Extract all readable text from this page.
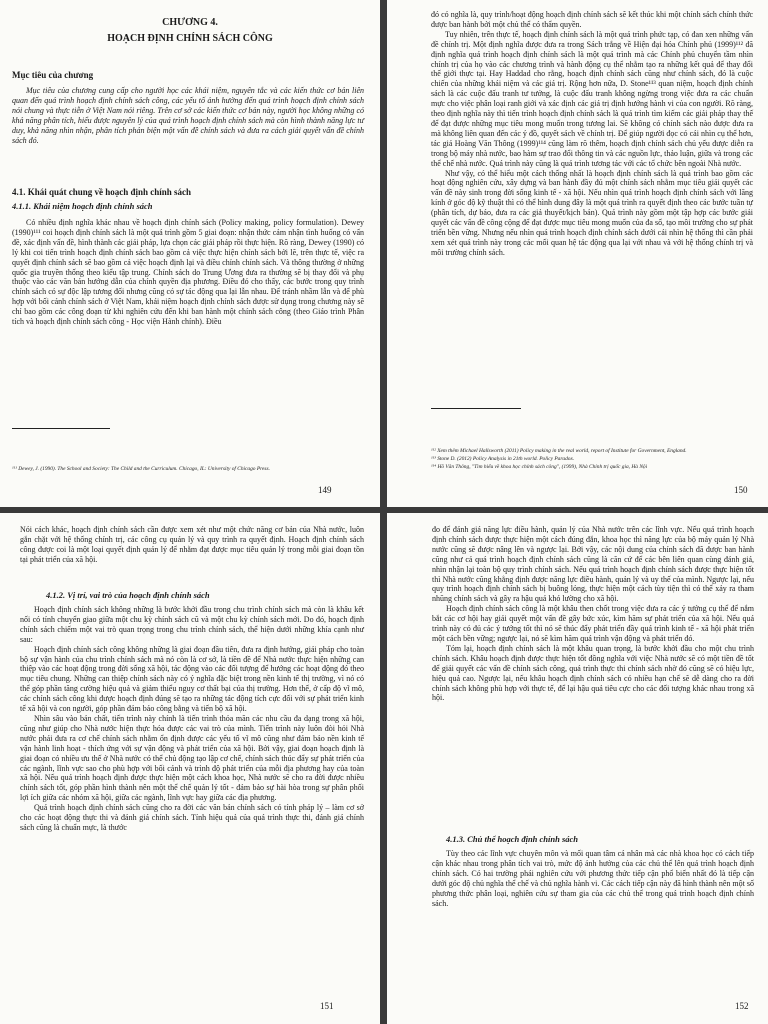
CHƯƠNG 4.
HOẠCH ĐỊNH CHÍNH SÁCH CÔNG
Mục tiêu của chương

Mục tiêu của chương cung cấp cho người học các khái niệm, nguyên tắc và các kiến thức cơ bản liên quan đến quá trình hoạch định chính sách công, các yếu tố ảnh hưởng đến quá trình hoạch định chính sách nói chung và thực tiễn ở Việt Nam nói riêng. Trên cơ sở các kiến thức cơ bản này, người học không những có khả năng phân tích, hiểu được nguyên lý của quá trình hoạch định chính sách mà còn hình thành năng lực tư duy, khả năng nhìn nhận, phân tích phản biện một vấn đề chính sách và đưa ra cách giải quyết vấn đề chính sách đó.

4.1. Khái quát chung về hoạch định chính sách
4.1.1. Khái niệm hoạch định chính sách

Có nhiều định nghĩa khác nhau về hoạch định chính sách (Policy making, policy formulation). Dewey (1990)¹¹¹ coi hoạch định chính sách là một quá trình gồm 5 giai đoạn: nhận thức cảm nhận tình huống có vấn đề, xác định vấn đề, hình thành các giải pháp, lựa chọn các giải pháp rồi thực hiện. Rõ ràng, Dewey (1990) có lý khi coi tiến trình hoạch định chính sách bao gồm cả việc thực hiện chính sách bởi lẽ, trên thực tế, việc ra quyết định chính sách sẽ bao gồm cả việc hoạch định lại và điều chỉnh chính sách. Và thông thường ở những quốc gia truyền thống theo kiểu tập trung. Chính sách do Trung Ương đưa ra thường sẽ bị thay đổi và phụ thuộc vào các văn bản hướng dẫn của chính quyền địa phương. Điều đó cho thấy, các bước trong quy trình chính sách có sự độc lập tương đối nhưng cũng có sự tác động qua lại lẫn nhau. Để tránh nhầm lẫn và để phù hợp với bối cảnh chính sách ở Việt Nam, khái niệm hoạch định chính sách được sử dụng trong chương này sẽ chỉ bao gồm các công đoạn từ khi nghiên cứu đến khi ban hành một chính sách công (theo Giáo trình Phân tích và hoạch định chính sách công - Học viện Hành chính). Điều

¹¹¹ Dewey, J. (1990). The School and Society: The Child and the Curriculum. Chicago, IL: University of Chicago Press.
149

đó có nghĩa là, quy trình/hoạt động hoạch định chính sách sẽ kết thúc khi một chính sách chính thức được ban hành bởi một chủ thể có thẩm quyền.

Tuy nhiên, trên thực tế, hoạch định chính sách là một quá trình phức tạp, có đan xen những vấn đề chính trị. Một định nghĩa được đưa ra trong Sách trắng về Hiện đại hóa Chính phủ (1999)¹¹² đã định nghĩa quá trình hoạch định chính sách là một quá trình mà các Chính phủ chuyển tầm nhìn chính trị của họ vào các chương trình và hành động cụ thể nhằm tạo ra những kết quả để thay đổi thế giới thực tại. Hay Haddad cho rằng, hoạch định chính sách cũng như chính sách, đó là cuộc chiến của những khái niệm và các giá trị. Rộng hơn nữa, D. Stone¹¹³ quan niệm, hoạch định chính sách là các cuộc đấu tranh tư tưởng, là cuộc đấu tranh không ngừng trong việc đưa ra các chuẩn mực cho việc phân loại ranh giới và xác định các giá trị định hướng hành vi của con người. Rõ ràng, theo định nghĩa này thì tiến trình hoạch định chính sách là quá trình tìm kiếm các giải pháp thay thế để đạt được những mục tiêu mong muốn trong tương lai. Sẽ không có chính sách nào được đưa ra mà không liên quan đến các ý đồ, quyết sách về chính trị. Để giúp người đọc có cái nhìn cụ thể hơn, tác giả Hoàng Văn Thông (1999)¹¹⁴ cũng làm rõ thêm, hoạch định chính sách chủ yếu được diễn ra trong bộ máy nhà nước, bao hàm sự trao đổi thông tin và các nguồn lực, thảo luận, giữa và trong các thể chế nhà nước. Quá trình này cũng là quá trình tương tác với các tổ chức bên ngoài Nhà nước.

Như vậy, có thể hiểu một cách thống nhất là hoạch định chính sách là quá trình bao gồm các hoạt động nghiên cứu, xây dựng và ban hành đầy đủ một chính sách nhằm mục tiêu giải quyết các vấn đề này sinh trong đời sống kinh tế - xã hội. Nếu nhìn quá trình hoạch định chính sách với lăng kính ở góc độ kỹ thuật thì có thể hình dung đây là một quá trình ra quyết định theo các bước tuần tự (phân tích, dự báo, đưa ra các giả thuyết/kịch bản). Quá trình này gồm một tập hợp các bước giải quyết các vấn đề công cộng để đạt được mục tiêu mong muốn của đa số, tạo môi trường cho sự phát triển bền vững. Nhưng nếu nhìn quá trình hoạch định chính sách dưới cái nhìn hệ thống thì cần phải xem xét quá trình này trong các mối quan hệ tác động qua lại với nhau và với hệ thống chính trị và môi trường chính sách.

¹¹² Xem thêm Michael Hallsworth (2011) Policy making in the real world, report of Institute for Government, England.
¹¹³ Stone D. (2012) Policy Analysis in 21th world. Policy Paradox.
¹¹⁴ Hồ Văn Thông, "Tìm hiểu về khoa học chính sách công", (1999), Nhà Chính trị quốc gia, Hà Nội
150

Nói cách khác, hoạch định chính sách cần được xem xét như một chức năng cơ bản của Nhà nước, luôn gắn chặt với hệ thống chính trị, các công cụ quản lý và quy trình ra quyết định. Hoạch định chính sách công được coi là một loại quyết định quản lý để nhằm đạt được mục tiêu quản lý trong mỗi giai đoạn tồn tại phát triển của xã hội.

4.1.2. Vị trí, vai trò của hoạch định chính sách

Hoạch định chính sách không những là bước khởi đầu trong chu trình chính sách mà còn là khâu kết nối có tính chuyển giao giữa một chu kỳ chính sách cũ và một chu kỳ chính sách mới. Do đó, hoạch định chính sách chiếm một vai trò quan trọng trong chu trình chính sách, thể hiện dưới những khía cạnh như sau:

Hoạch định chính sách công không những là giai đoạn đầu tiên, đưa ra định hướng, giải pháp cho toàn bộ sự vận hành của chu trình chính sách mà nó còn là cơ sở, là tiền đề để Nhà nước thực hiện những can thiệp vào các hoạt động trong đời sống xã hội, tác động vào các đối tượng để hướng các hoạt động đó theo mục tiêu chung. Những can thiệp chính sách này có ý nghĩa đặc biệt trong nền kinh tế thị trường, vì nó có thể góp phần tăng cường hiệu quả và giảm thiểu nguy cơ thất bại của thị trường. Hơn thế, ở cấp độ vĩ mô, các chính sách công khi được hoạch định đúng sẽ tạo ra những tác động tích cực đối với sự phát triển kinh tế xã hội và con người, góp phần đảm bảo công bằng và tiến bộ xã hội.

Nhìn sâu vào bản chất, tiến trình này chính là tiến trình thỏa mãn các nhu cầu đa dạng trong xã hội, cũng như giúp cho Nhà nước hiện thực hóa được các vai trò của mình. Tiến trình này luôn đòi hỏi Nhà nước phải đưa ra cơ chế chính sách nhằm ổn định được các yếu tố vĩ mô cũng như đảm bảo nền kinh tế vận hành linh hoạt - thích ứng với sự vận động và phát triển của xã hội. Bởi vậy, giai đoạn hoạch định là giai đoạn có nhiều ưu thế ở Nhà nước có thể chủ động tạo lập cơ chế, chính sách thúc đẩy sự phát triển của các ngành, lĩnh vực sao cho phù hợp với bối cảnh và trình độ phát triển của mỗi địa phương hay của toàn xã hội. Nếu quá trình hoạch định được thực hiện một cách khoa học, Nhà nước sẽ cho ra đời được nhiều chính sách tốt, góp phần hình thành nên một thể chế quản lý tốt - đảm bảo sự hài hòa trong sự phân phối lợi ích giữa các nhóm xã hội, giữa các ngành, lĩnh vực hay giữa các địa phương.

Quá trình hoạch định chính sách cũng cho ra đời các văn bản chính sách có tính pháp lý – làm cơ sở cho các hoạt động thực thi và đánh giá chính sách. Tính hiệu quả của quá trình thực thi, đánh giá chính sách cũng là chuẩn mực, là thước

151

đo để đánh giá năng lực điều hành, quản lý của Nhà nước trên các lĩnh vực. Nếu quá trình hoạch định chính sách được thực hiện một cách đúng đắn, khoa học thì năng lực của bộ máy quản lý Nhà nước cũng sẽ được nâng lên và ngược lại. Bởi vậy, các nội dung của chính sách đã được ban hành cũng như cả quá trình hoạch định chính sách cũng là căn cứ để các bên liên quan cùng đánh giá, nhìn nhận lại toàn bộ quy trình chính sách. Nếu quá trình hoạch định chính sách được thực hiện tốt thì Nhà nước cũng khẳng định được năng lực điều hành, quản lý và uy thế của mình. Ngược lại, nếu quy trình hoạch định chính sách bị buông lỏng, thực hiện một cách tùy tiện thì có thể xảy ra tham nhũng chính sách và gây ra hậu quả khó lường cho xã hội.

Hoạch định chính sách công là một khâu then chốt trong việc đưa ra các ý tưởng cụ thể để nắm bắt các cơ hội hay giải quyết một vấn đề gây bức xúc, kìm hãm sự phát triển của xã hội. Nếu quá trình này có đủ các ý tưởng tốt thì nó sẽ thúc đẩy phát triển đầy quá trình kinh tế - xã hội phát triển một cách bền vững; ngược lại, nó sẽ kìm hãm quá trình vận động và phát triển đó.

Tóm lại, hoạch định chính sách là một khâu quan trọng, là bước khởi đầu cho một chu trình chính sách. Khâu hoạch định được thực hiện tốt đồng nghĩa với việc Nhà nước sẽ có một tiền đề tốt để giải quyết các vấn đề chính sách công, quá trình thực thi chính sách nhờ đó cũng sẽ có hiệu lực, hiệu quả cao. Ngược lại, nếu khâu hoạch định chính sách có nhiều hạn chế sẽ dễ dàng cho ra đời chính sách không phù hợp với thực tế, để lại hậu quả tiêu cực cho các đối tượng khác nhau trong xã hội.

4.1.3. Chủ thể hoạch định chính sách

Tùy theo các lĩnh vực chuyên môn và mối quan tâm cá nhân mà các nhà khoa học có cách tiếp cận khác nhau trong phân tích vai trò, mức độ ảnh hưởng của các chủ thể lên quá trình hoạch định chính sách. Có hai trường phái nghiên cứu với phương thức tiếp cận phổ biến nhất đó là tiếp cận dưới góc độ chủ nghĩa thể chế và chủ nghĩa hành vi. Các cách tiếp cận này đã hình thành nên một số phương thức phân loại, nghiên cứu sự tham gia của các chủ thể trong quá trình hoạch định chính sách.

152
